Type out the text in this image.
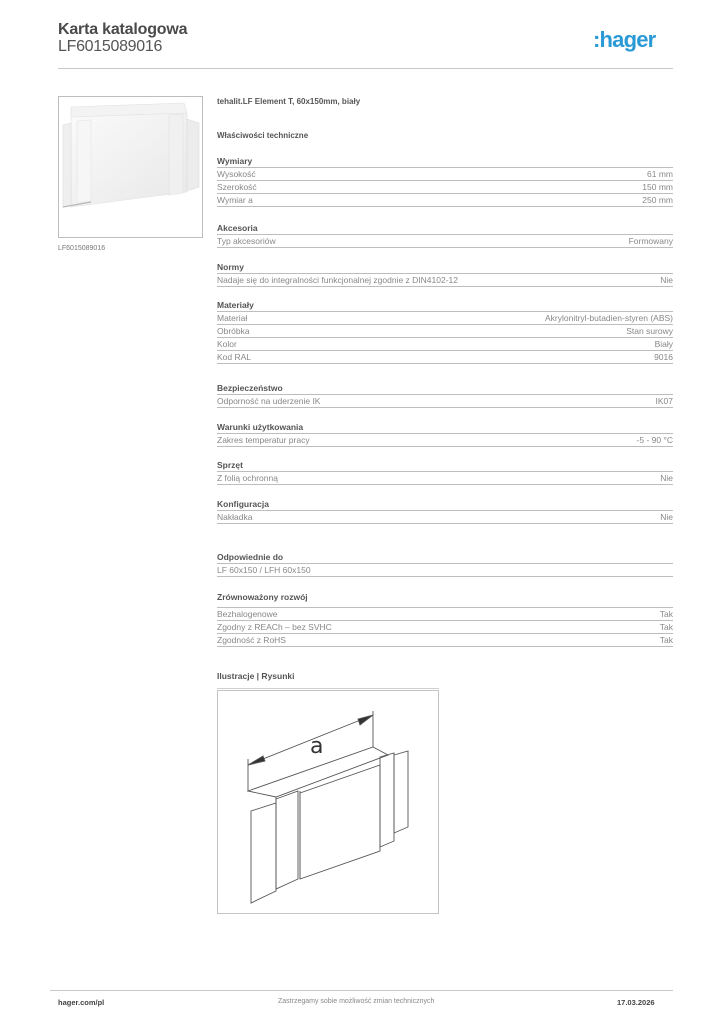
Karta katalogowa
LF6015089016	:hager
LF6015089016
tehalit.LF Element T, 60x150mm, biały
Właściwości techniczne
Wymiary
Wysokość	61 mm
Szerokość	150 mm
Wymiar a	250 mm
Akcesoria
Typ akcesoriów	Formowany
Normy
Nadaje się do integralności funkcjonalnej zgodnie z DIN4102-12	Nie
Materiały
Materiał	Akrylonitryl-butadien-styren (ABS)
Obróbka	Stan surowy
Kolor	Biały
Kod RAL	9016
Bezpieczeństwo
Odporność na uderzenie IK	IK07
Warunki użytkowania
Zakres temperatur pracy	-5 - 90 °C
Sprzęt
Z folią ochronną	Nie
Konfiguracja
Nakładka	Nie
Odpowiednie do
LF 60x150 / LFH 60x150
Zrównoważony rozwój
Bezhalogenowe	Tak
Zgodny z REACh – bez SVHC	Tak
Zgodność z RoHS	Tak
Ilustracje | Rysunki
a
hager.com/pl	Zastrzegamy sobie możliwość zmian technicznych	17.03.2026
